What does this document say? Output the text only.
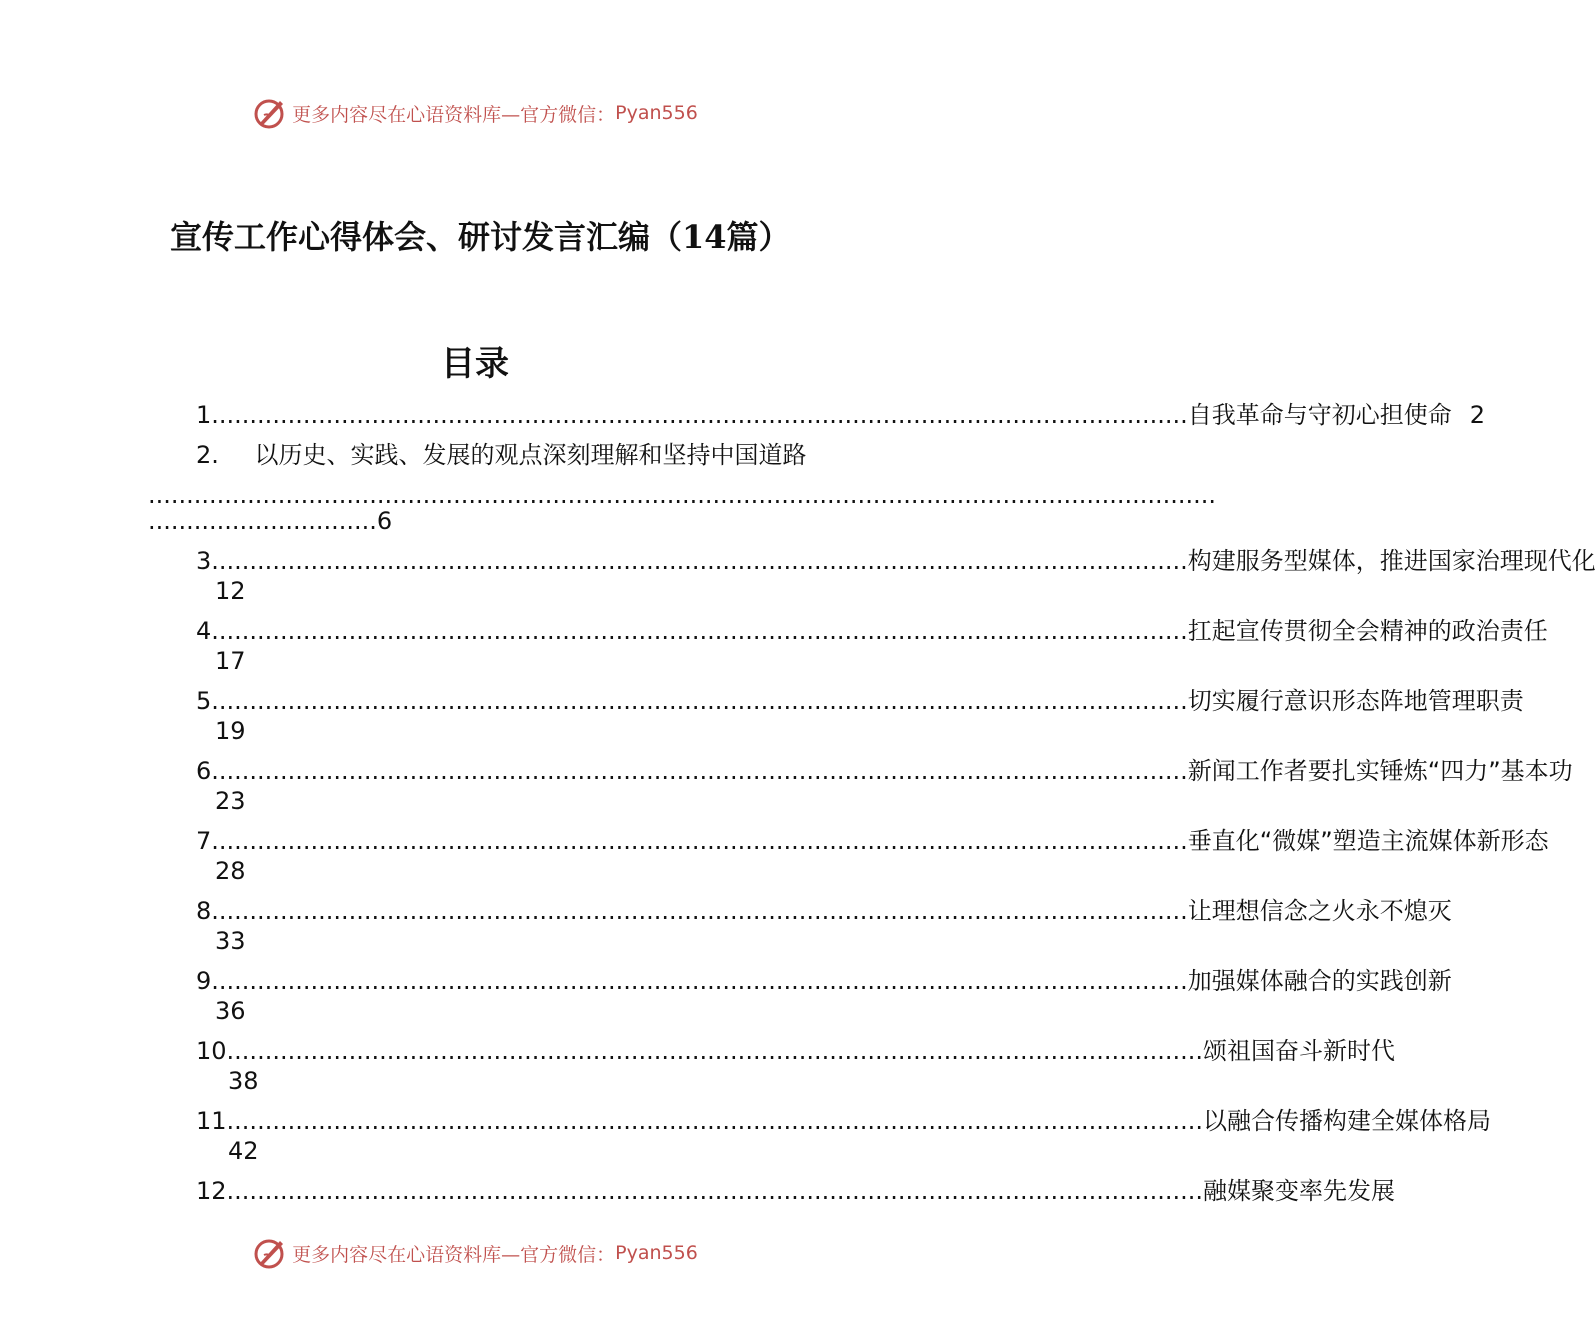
更多内容尽在心语资料库—官方微信： Pyan556
宣传工作心得体会、研讨发言汇编（14篇）
目录
1 .....	自我革命与守初心担使命 2
2. 以历史、实践、发展的观点深刻理解和坚持中国道路
............................................................................................................................................
..............................6
3 .....	构建服务型媒体，推进国家治理现代化
12
4 .....	扛起宣传贯彻全会精神的政治责任
17
5 .....	切实履行意识形态阵地管理职责
19
6 .....	新闻工作者要扎实锤炼“四力”基本功
23
7 .....	垂直化“微媒”塑造主流媒体新形态
28
8 .....	让理想信念之火永不熄灭
33
9 .....	加强媒体融合的实践创新
36
10 .....	颂祖国奋斗新时代
38
11 .....	以融合传播构建全媒体格局
42
12 .....	融媒聚变率先发展
更多内容尽在心语资料库—官方微信： Pyan556
